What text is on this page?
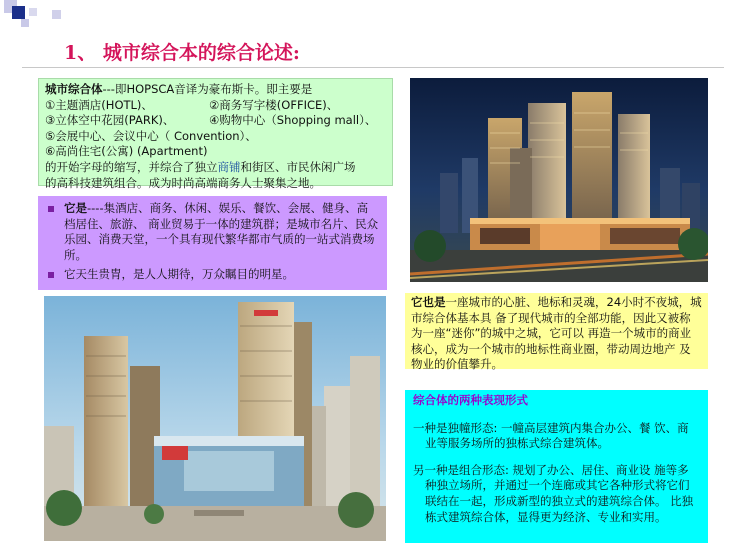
1、 城市综合本的综合论述:
城市综合体---即HOPSCA音译为豪布斯卡。即主要是
①主题酒店(HOTL)、	②商务写字楼(OFFICE)、
③立体空中花园(PARK)、	④购物中心（Shopping mall）、
⑤会展中心、会议中心（ Convention）、
⑥高尚住宅(公寓) (Apartment)
的开始字母的缩写，并综合了独立商铺和街区、市民休闲广场
的高科技建筑组合。成为时尚高端商务人士聚集之地。
它是----集酒店、商务、休闲、娱乐、餐饮、会展、健身、高档居住、旅游、 商业贸易于一体的建筑群；是城市名片、民众乐园、消费天堂，一个具有现代繁华都市气质的一站式消费场所。
它天生贵胄，是人人期待，万众瞩目的明星。
它也是一座城市的心脏、地标和灵魂，24小时不夜城，城市综合体基本具 备了现代城市的全部功能，因此又被称为一座“迷你”的城中之城，它可以 再造一个城市的商业核心，成为一个城市的地标性商业圈，带动周边地产 及物业的价值攀升。
综合体的两种表现形式

一种是独幢形态: 一幢高层建筑内集合办公、餐 饮、商业等服务场所的独栋式综合建筑体。

另一种是组合形态: 规划了办公、居住、商业设 施等多种独立场所，并通过一个连廊或其它各种形式将它们联结在一起，形成新型的独立式的建筑综合体。 比独栋式建筑综合体，显得更为经济、专业和实用。
